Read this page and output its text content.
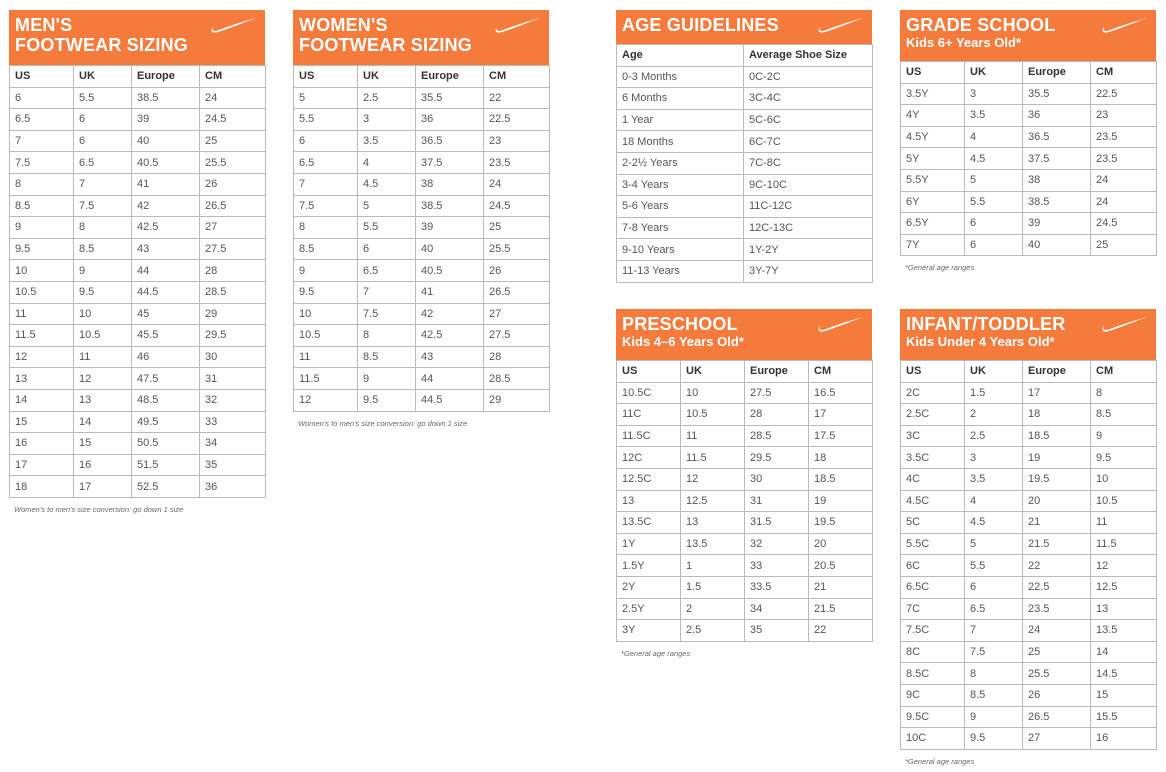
MEN'S
FOOTWEAR SIZING
US	UK	Europe	CM
6	5.5	38.5	24
6.5	6	39	24.5
7	6	40	25
7.5	6.5	40.5	25.5
8	7	41	26
8.5	7.5	42	26.5
9	8	42.5	27
9.5	8.5	43	27.5
10	9	44	28
10.5	9.5	44.5	28.5
11	10	45	29
11.5	10.5	45.5	29.5
12	11	46	30
13	12	47.5	31
14	13	48.5	32
15	14	49.5	33
16	15	50.5	34
17	16	51.5	35
18	17	52.5	36
Women's to men's size conversion: go down 1 size
WOMEN'S
FOOTWEAR SIZING
US	UK	Europe	CM
5	2.5	35.5	22
5.5	3	36	22.5
6	3.5	36.5	23
6.5	4	37.5	23.5
7	4.5	38	24
7.5	5	38.5	24.5
8	5.5	39	25
8.5	6	40	25.5
9	6.5	40.5	26
9.5	7	41	26.5
10	7.5	42	27
10.5	8	42.5	27.5
11	8.5	43	28
11.5	9	44	28.5
12	9.5	44.5	29
Women's to men's size conversion: go down 1 size
AGE GUIDELINES
Age	Average Shoe Size
0-3 Months	0C-2C
6 Months	3C-4C
1 Year	5C-6C
18 Months	6C-7C
2-2½ Years	7C-8C
3-4 Years	9C-10C
5-6 Years	11C-12C
7-8 Years	12C-13C
9-10 Years	1Y-2Y
11-13 Years	3Y-7Y
GRADE SCHOOL
Kids 6+ Years Old*
US	UK	Europe	CM
3.5Y	3	35.5	22.5
4Y	3.5	36	23
4.5Y	4	36.5	23.5
5Y	4.5	37.5	23.5
5.5Y	5	38	24
6Y	5.5	38.5	24
6.5Y	6	39	24.5
7Y	6	40	25
*General age ranges
PRESCHOOL
Kids 4–6 Years Old*
US	UK	Europe	CM
10.5C	10	27.5	16.5
11C	10.5	28	17
11.5C	11	28.5	17.5
12C	11.5	29.5	18
12.5C	12	30	18.5
13	12.5	31	19
13.5C	13	31.5	19.5
1Y	13.5	32	20
1.5Y	1	33	20.5
2Y	1.5	33.5	21
2.5Y	2	34	21.5
3Y	2.5	35	22
*General age ranges
INFANT/TODDLER
Kids Under 4 Years Old*
US	UK	Europe	CM
2C	1.5	17	8
2.5C	2	18	8.5
3C	2.5	18.5	9
3.5C	3	19	9.5
4C	3.5	19.5	10
4.5C	4	20	10.5
5C	4.5	21	11
5.5C	5	21.5	11.5
6C	5.5	22	12
6.5C	6	22.5	12.5
7C	6.5	23.5	13
7.5C	7	24	13.5
8C	7.5	25	14
8.5C	8	25.5	14.5
9C	8.5	26	15
9.5C	9	26.5	15.5
10C	9.5	27	16
*General age ranges
